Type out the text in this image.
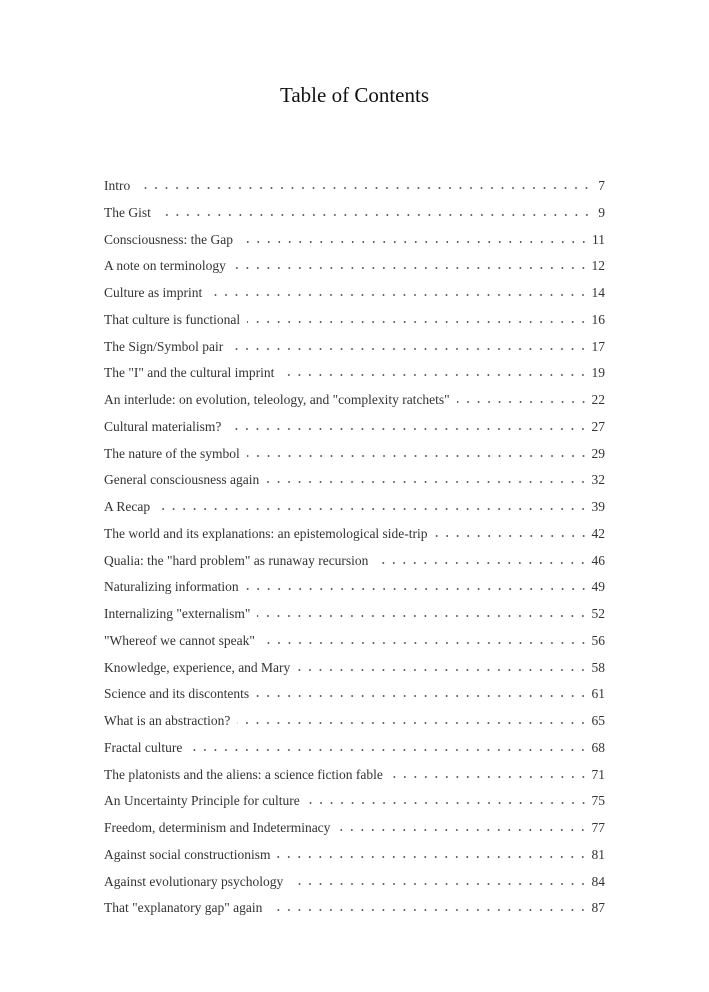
Table of Contents
Intro	7
The Gist	9
Consciousness: the Gap	11
A note on terminology	12
Culture as imprint	14
That culture is functional	16
The Sign/Symbol pair	17
The "I" and the cultural imprint	19
An interlude: on evolution, teleology, and "complexity ratchets"	22
Cultural materialism?	27
The nature of the symbol	29
General consciousness again	32
A Recap	39
The world and its explanations: an epistemological side-trip	42
Qualia: the "hard problem" as runaway recursion	46
Naturalizing information	49
Internalizing "externalism"	52
"Whereof we cannot speak"	56
Knowledge, experience, and Mary	58
Science and its discontents	61
What is an abstraction?	65
Fractal culture	68
The platonists and the aliens: a science fiction fable	71
An Uncertainty Principle for culture	75
Freedom, determinism and Indeterminacy	77
Against social constructionism	81
Against evolutionary psychology	84
That "explanatory gap" again	87
